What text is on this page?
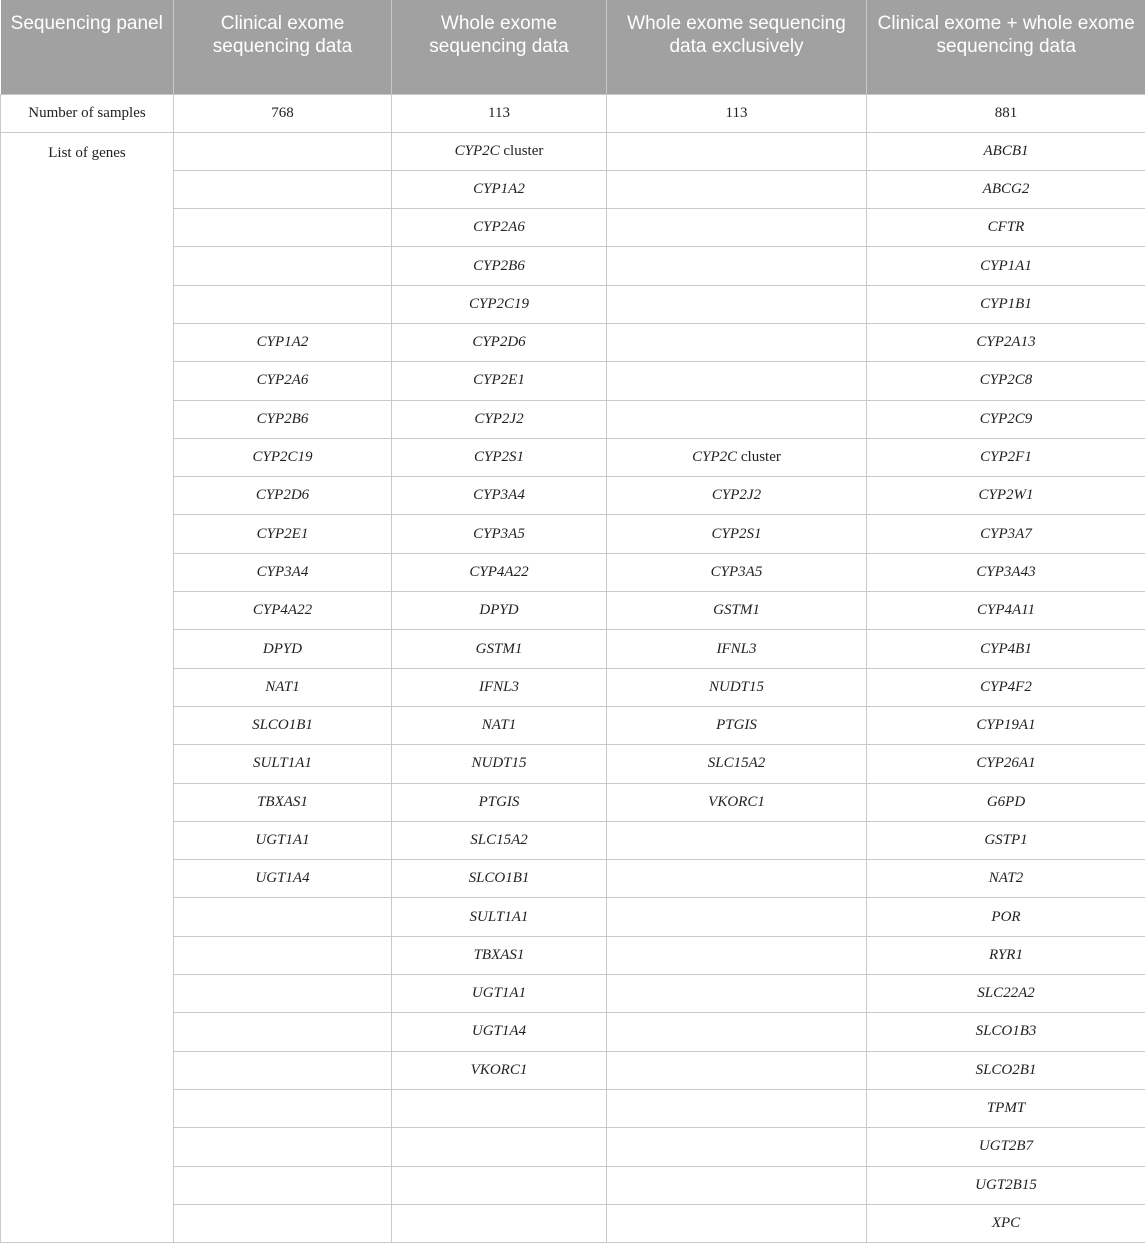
Sequencing panel	Clinical exome sequencing data	Whole exome sequencing data	Whole exome sequencing data exclusively	Clinical exome + whole exome sequencing data
Number of samples	768	113	113	881
List of genes		CYP2C cluster		ABCB1
		CYP1A2		ABCG2
		CYP2A6		CFTR
		CYP2B6		CYP1A1
		CYP2C19		CYP1B1
	CYP1A2	CYP2D6		CYP2A13
	CYP2A6	CYP2E1		CYP2C8
	CYP2B6	CYP2J2		CYP2C9
	CYP2C19	CYP2S1	CYP2C cluster	CYP2F1
	CYP2D6	CYP3A4	CYP2J2	CYP2W1
	CYP2E1	CYP3A5	CYP2S1	CYP3A7
	CYP3A4	CYP4A22	CYP3A5	CYP3A43
	CYP4A22	DPYD	GSTM1	CYP4A11
	DPYD	GSTM1	IFNL3	CYP4B1
	NAT1	IFNL3	NUDT15	CYP4F2
	SLCO1B1	NAT1	PTGIS	CYP19A1
	SULT1A1	NUDT15	SLC15A2	CYP26A1
	TBXAS1	PTGIS	VKORC1	G6PD
	UGT1A1	SLC15A2		GSTP1
	UGT1A4	SLCO1B1		NAT2
		SULT1A1		POR
		TBXAS1		RYR1
		UGT1A1		SLC22A2
		UGT1A4		SLCO1B3
		VKORC1		SLCO2B1
				TPMT
				UGT2B7
				UGT2B15
				XPC
